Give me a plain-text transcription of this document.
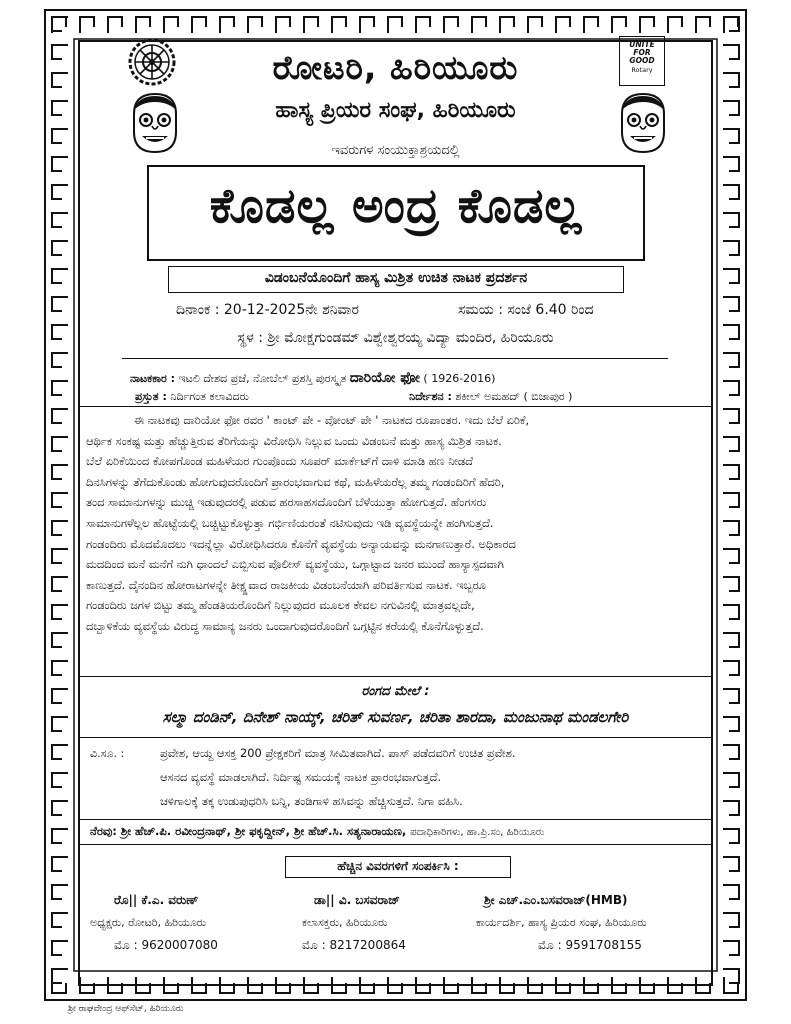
UNITE
FOR
GOOD
Rotary
ರೋಟರಿ, ಹಿರಿಯೂರು
ಹಾಸ್ಯ ಪ್ರಿಯರ ಸಂಘ, ಹಿರಿಯೂರು
ಇವರುಗಳ ಸಂಯುಕ್ತಾಶ್ರಯದಲ್ಲಿ
ಕೊಡಲ್ಲ ಅಂದ್ರ ಕೊಡಲ್ಲ
ವಿಡಂಬನೆಯೊಂದಿಗೆ ಹಾಸ್ಯ ಮಿಶ್ರಿತ ಉಚಿತ ನಾಟಕ ಪ್ರದರ್ಶನ
ದಿನಾಂಕ : 20-12-2025ನೇ ಶನಿವಾರ	ಸಮಯ : ಸಂಜೆ 6.40 ರಿಂದ
ಸ್ಥಳ : ಶ್ರೀ ಮೋಕ್ಷಗುಂಡಮ್ ವಿಶ್ವೇಶ್ವರಯ್ಯ ವಿದ್ಯಾ ಮಂದಿರ, ಹಿರಿಯೂರು
ನಾಟಕಕಾರ : ಇಟಲಿ ದೇಶದ ಪ್ರಜೆ, ನೋಬೆಲ್ ಪ್ರಶಸ್ತಿ ಪುರಸ್ಕೃತ ದಾರಿಯೋ ಫೋ ( 1926-2016)
ಪ್ರಸ್ತುತ : ನಿರ್ದಿಗಂತ ಕಲಾವಿದರು	ನಿರ್ದೇಶನ : ಶಕೀಲ್ ಅಮಹದ್ ( ಬಿಜಾಪುರ )
ಈ ನಾಟಕವು ದಾರಿಯೋ ಫೋ ರವರ ' ಕಾಂಟ್ ಪೇ - ವೋಂಟ್ ಪೇ ' ನಾಟಕದ ರೂಪಾಂತರ. ಇದು ಬೆಲೆ ಏರಿಕೆ,
ಆರ್ಥಿಕ ಸಂಕಷ್ಟ ಮತ್ತು ಹೆಚ್ಚುತ್ತಿರುವ ತೆರಿಗೆಯನ್ನು ವಿರೋಧಿಸಿ ನಿಲ್ಲುವ ಒಂದು ವಿಡಂಬನೆ ಮತ್ತು ಹಾಸ್ಯ ಮಿಶ್ರಿತ ನಾಟಕ.
ಬೆಲೆ ಏರಿಕೆಯಿಂದ ಕೋಪಗೊಂಡ ಮಹಿಳೆಯರ ಗುಂಪೊಂದು ಸೂಪರ್ ಮಾರ್ಕೆಟ್‌ಗೆ ದಾಳಿ ಮಾಡಿ ಹಣ ನೀಡದೆ
ದಿನಸಿಗಳನ್ನು ತೆಗೆದುಕೊಂಡು ಹೋಗುವುದರೊಂದಿಗೆ ಪ್ರಾರಂಭವಾಗುವ ಕಥೆ, ಮಹಿಳೆಯರೆಲ್ಲ ತಮ್ಮ ಗಂಡಂದಿರಿಗೆ ಹೆದರಿ,
ತಂದ ಸಾಮಾನುಗಳನ್ನು ಮುಚ್ಚಿ ಇಡುವುದರಲ್ಲಿ ಪಡುವ ಹರಸಾಹಸದೊಂದಿಗೆ ಬೆಳೆಯುತ್ತಾ ಹೋಗುತ್ತದೆ. ಹೆಂಗಸರು
ಸಾಮಾನುಗಳೆಲ್ಲಲ ಹೊಟ್ಟೆಯಲ್ಲಿ ಬಚ್ಚಿಟ್ಟುಕೊಳ್ಳುತ್ತಾ ಗರ್ಭಿಣಿಯರಂತೆ ನಟಿಸುವುದು ಇಡಿ ವ್ಯವಸ್ಥೆಯನ್ನೇ ಹಂಗಿಸುತ್ತದೆ.
ಗಂಡಂದಿರು ಮೊದಮೊದಲು ಇದನ್ನೆಲ್ಲಾ ವಿರೋಧಿಸಿದರೂ ಕೊನೆಗೆ ವ್ಯವಸ್ಥೆಯ ಅನ್ಯಾಯವನ್ನು ಮನಗಾಣುತ್ತಾರೆ. ಅಧಿಕಾರದ
ಮದದಿಂದ ಮನೆ ಮನೆಗೆ ನುಗಿ ಧಾಂದಲೆ ಎಬ್ಬಿಸುವ ಪೊಲೀಸ್ ವ್ಯವಸ್ಥೆಯು, ಒಗ್ಗಾಟ್ಟಾದ ಜನರ ಮುಂದೆ ಹಾಸ್ಯಾಸ್ಪದವಾಗಿ
ಕಾಣುತ್ತದೆ. ದೈನಂದಿನ ಹೋರಾಟಗಳನ್ನೇ ತೀಕ್ಷ್ಣವಾದ ರಾಜಕೀಯ ವಿಡಂಬನೆಯಾಗಿ ಪರಿವರ್ತಿಸುವ ನಾಟಕ. ಇಬ್ಬರೂ
ಗಂಡಂದಿರು ಜಗಳ ಬಿಟ್ಟು ತಮ್ಮ ಹೆಂಡತಿಯರೊಂದಿಗೆ ನಿಲ್ಲುವುದರ ಮೂಲಕ ಕೇವಲ ನಗುವಿನಲ್ಲಿ ಮಾತ್ರವಲ್ಲದೇ,
ದಬ್ಬಾಳಿಕೆಯ ವ್ಯವಸ್ಥೆಯ ವಿರುದ್ಧ ಸಾಮಾನ್ಯ ಜನರು ಒಂದಾಗುವುದರೊಂದಿಗೆ ಒಗ್ಗಟ್ಟಿನ ಕರೆಯಲ್ಲಿ ಕೊನೆಗೊಳ್ಳುತ್ತದೆ.
ರಂಗದ ಮೇಲೆ :
ಸಲ್ಮಾ ದಂಡಿನ್, ದಿನೇಶ್ ನಾಯ್ಕ್, ಚರಿತ್ ಸುವರ್ಣ, ಚರಿತಾ ಶಾರದಾ, ಮಂಜುನಾಥ ಮಂಡಲಗೇರಿ
ವಿ.ಸೂ. :	ಪ್ರವೇಶ, ಆಯ್ದ ಆಸಕ್ತ 200 ಪ್ರೇಕ್ಷಕರಿಗೆ ಮಾತ್ರ ಸೀಮಿತವಾಗಿದೆ. ಪಾಸ್ ಪಡೆದವರಿಗೆ ಉಚಿತ ಪ್ರವೇಶ.
ಆಸನದ ವ್ಯವಸ್ಥೆ ಮಾಡಲಾಗಿದೆ. ನಿರ್ದಿಷ್ಟ ಸಮಯಕ್ಕೆ ನಾಟಕ ಪ್ರಾರಂಭವಾಗುತ್ತದೆ.
ಚಳಿಗಾಲಕ್ಕೆ ತಕ್ಕ ಉಡುಪುಧರಿಸಿ ಬನ್ನಿ, ತಂಡಿಗಾಳಿ ಹಸಿವನ್ನು ಹೆಚ್ಚಿಸುತ್ತದೆ. ನಿಗಾ ವಹಿಸಿ.
ನೆರವು: ಶ್ರೀ ಹೆಚ್.ಪಿ. ರವೀಂದ್ರನಾಥ್, ಶ್ರೀ ಫಕೃದ್ದೀನ್, ಶ್ರೀ ಹೆಚ್.ಸಿ. ಸತ್ಯನಾರಾಯಣ, ಪದಾಧಿಕಾರಿಗಳು, ಹಾ.ಪ್ರಿ.ಸಂ, ಹಿರಿಯೂರು
ಹೆಚ್ಚಿನ ವಿವರಗಳಿಗೆ ಸಂಪರ್ಕಿಸಿ :
ರೊ|| ಕೆ.ಎ. ವರುಣ್
ಅಧ್ಯಕ್ಷರು, ರೋಟರಿ, ಹಿರಿಯೂರು
ಮೊ : 9620007080
ಡಾ|| ವಿ. ಬಸವರಾಜ್
ಕಲಾಸಕ್ತರು, ಹಿರಿಯೂರು
ಮೊ : 8217200864
ಶ್ರೀ ಎಚ್.ಎಂ.ಬಸವರಾಜ್(HMB)
ಕಾರ್ಯದರ್ಶಿ, ಹಾಸ್ಯ ಪ್ರಿಯರ ಸಂಘ, ಹಿರಿಯೂರು
ಮೊ : 9591708155
ಶ್ರೀ ರಾಘವೇಂದ್ರ ಆಫ್‌ಸೆಟ್, ಹಿರಿಯೂರು
